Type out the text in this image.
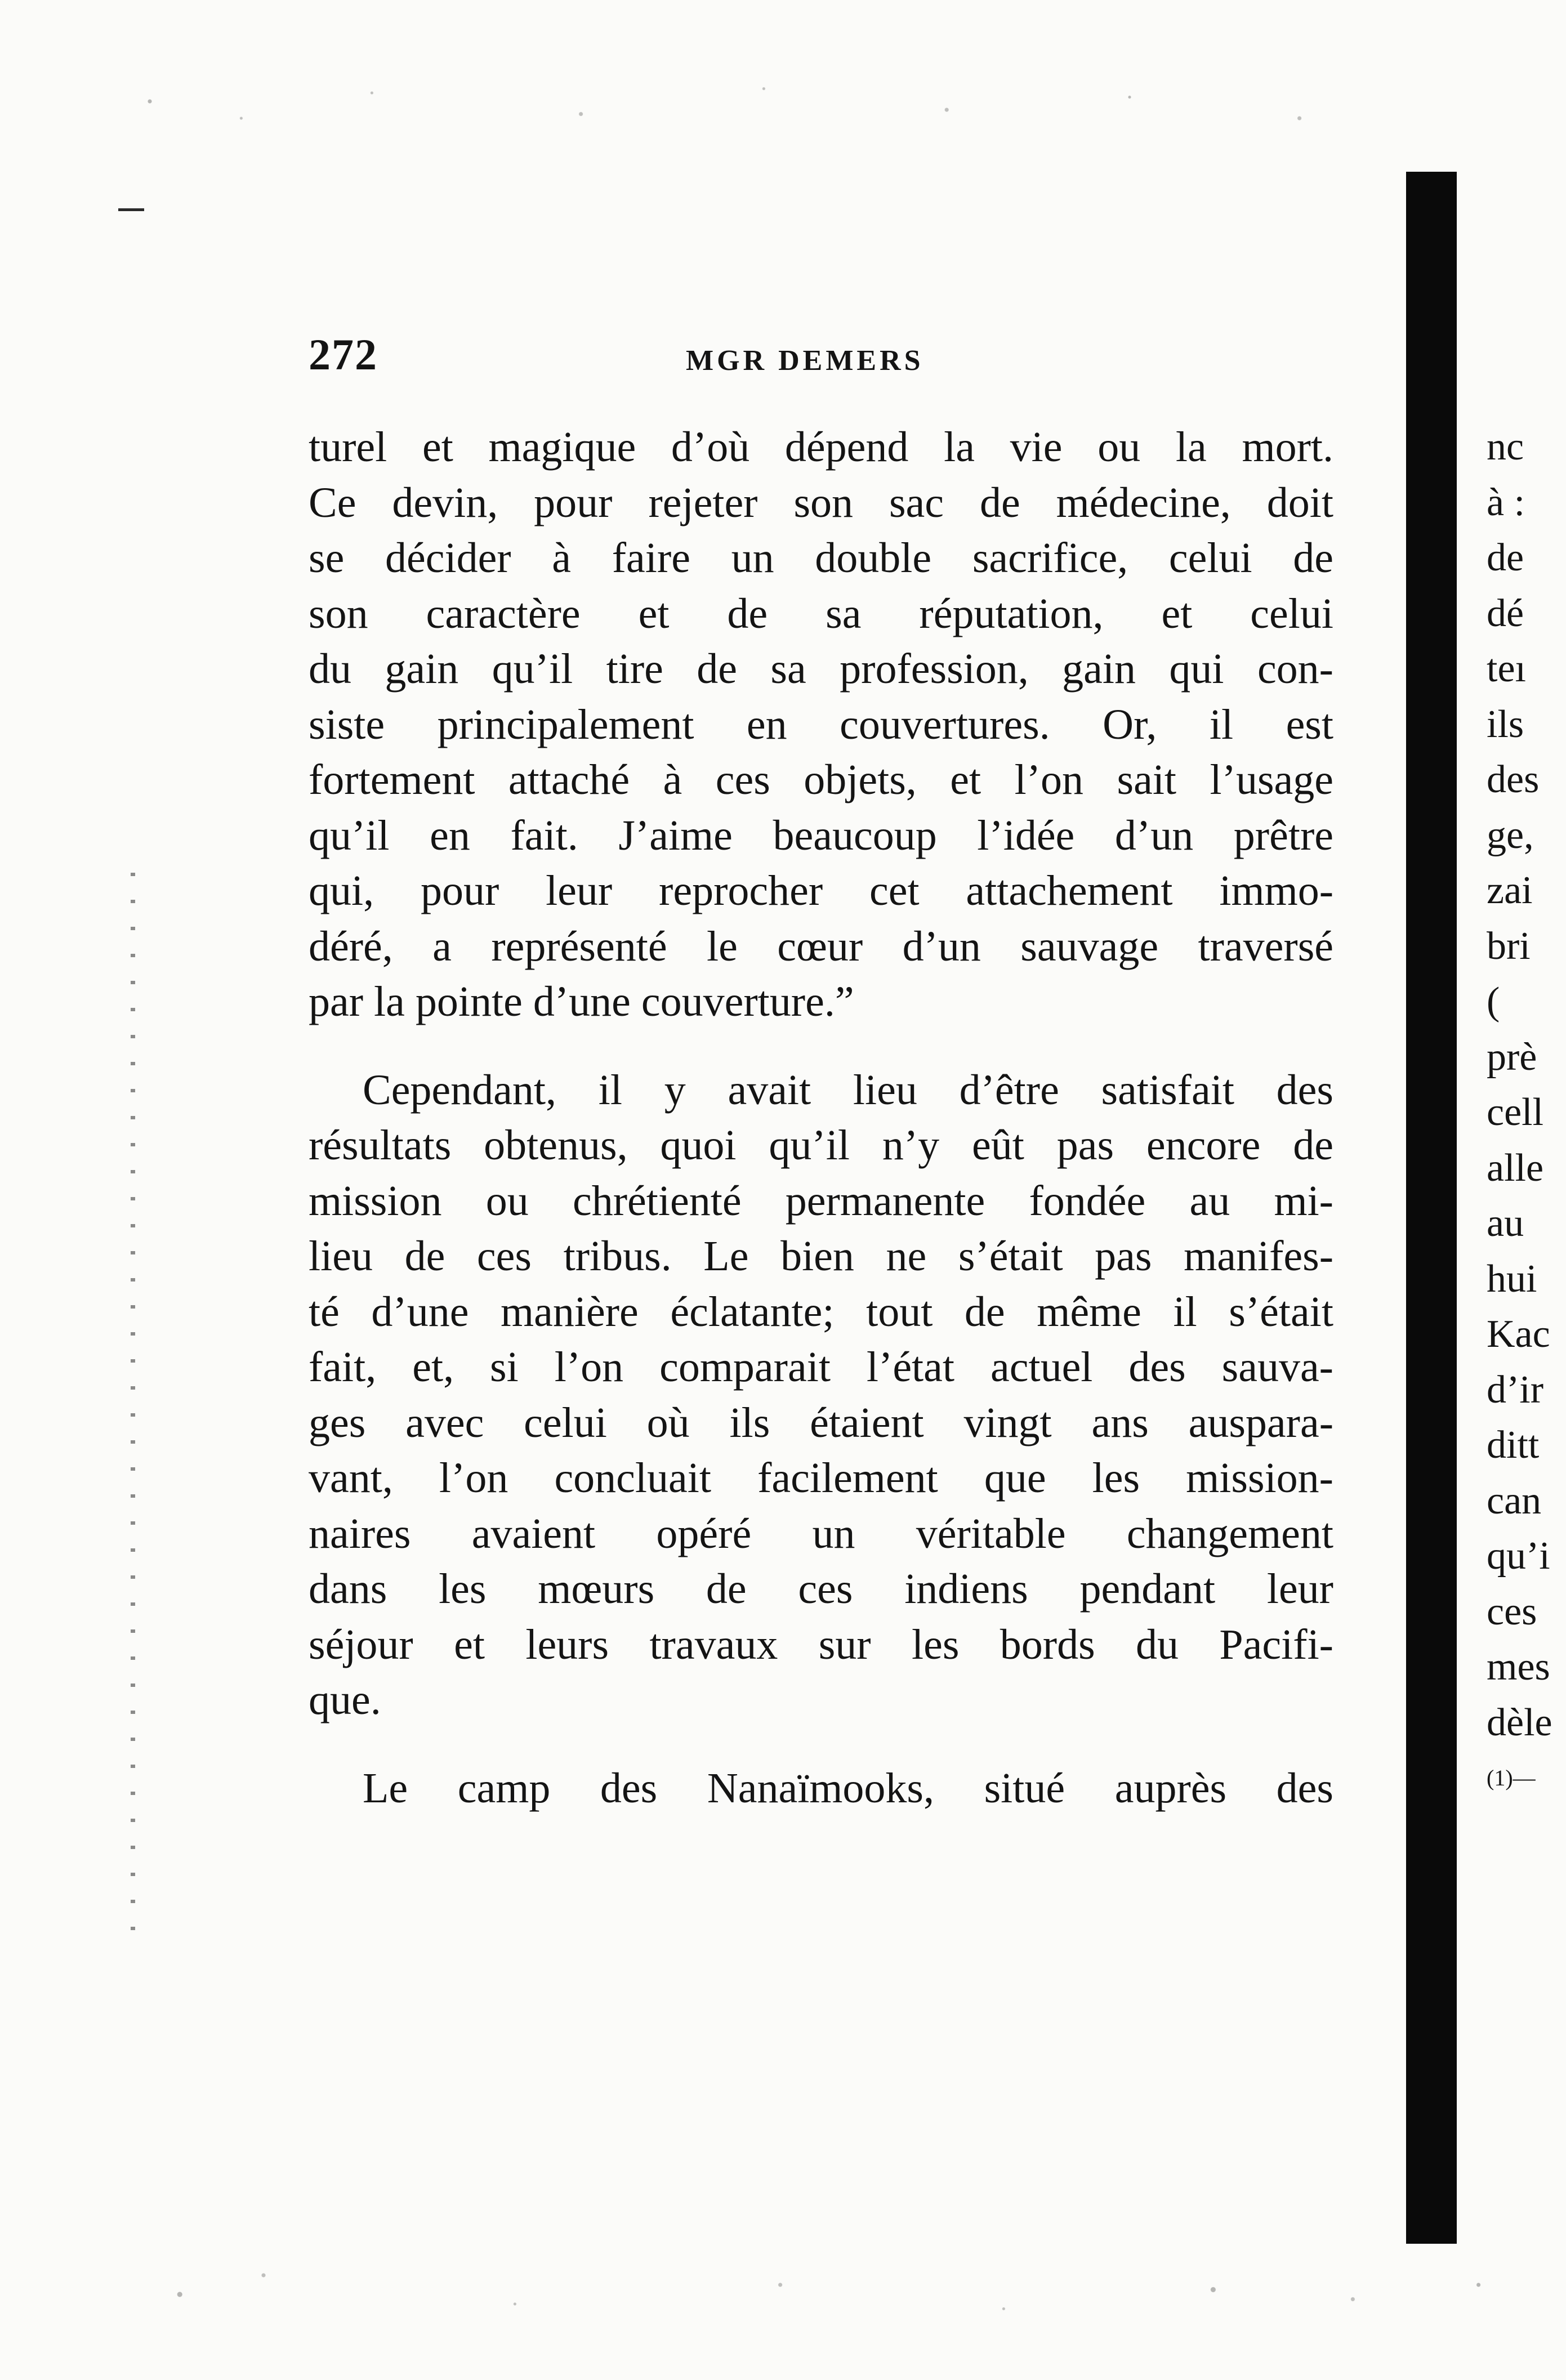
272	MGR DEMERS
turel et magique d’où dépend la vie ou la mort.
Ce devin, pour rejeter son sac de médecine, doit
se décider à faire un double sacrifice, celui de
son caractère et de sa réputation, et celui
du gain qu’il tire de sa profession, gain qui con-
siste principalement en couvertures. Or, il est
fortement attaché à ces objets, et l’on sait l’usage
qu’il en fait. J’aime beaucoup l’idée d’un prêtre
qui, pour leur reprocher cet attachement immo-
déré, a représenté le cœur d’un sauvage traversé
par la pointe d’une couverture.”
Cependant, il y avait lieu d’être satisfait des
résultats obtenus, quoi qu’il n’y eût pas encore de
mission ou chrétienté permanente fondée au mi-
lieu de ces tribus. Le bien ne s’était pas manifes-
té d’une manière éclatante; tout de même il s’était
fait, et, si l’on comparait l’état actuel des sauva-
ges avec celui où ils étaient vingt ans auspara-
vant, l’on concluait facilement que les mission-
naires avaient opéré un véritable changement
dans les mœurs de ces indiens pendant leur
séjour et leurs travaux sur les bords du Pacifi-
que.
Le camp des Nanaïmooks, situé auprès des
nc
à :
de
dé
teı
ils
des
ge,
zai
bri
(
prè
cell
alle
au
hui
Kac
d’ir
ditt
can
qu’i
ces
mes
dèle
(1)—
